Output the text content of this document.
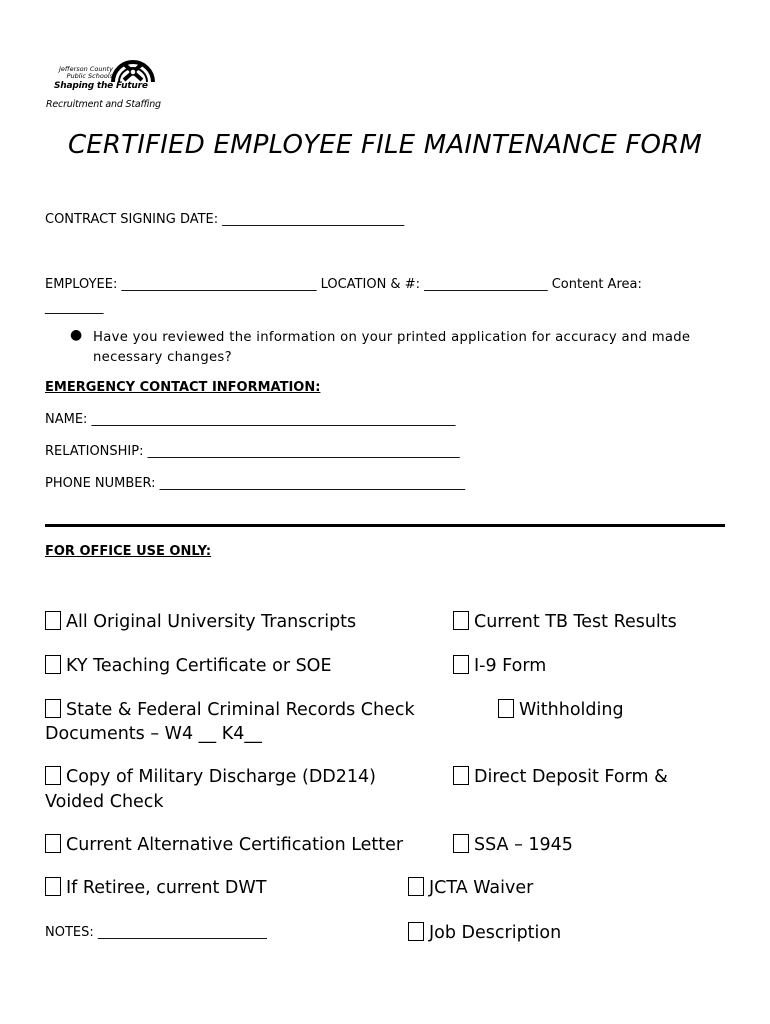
Jefferson County
Public Schools
Shaping the Future
Recruitment and Staffing
CERTIFIED EMPLOYEE FILE MAINTENANCE FORM
CONTRACT SIGNING DATE: ____________________________
EMPLOYEE: ______________________________ LOCATION & #: ___________________ Content Area:
_________
● Have you reviewed the information on your printed application for accuracy and made necessary changes?
EMERGENCY CONTACT INFORMATION:
NAME: ________________________________________________________
RELATIONSHIP: ________________________________________________
PHONE NUMBER: _______________________________________________
FOR OFFICE USE ONLY:
All Original University Transcripts	Current TB Test Results
KY Teaching Certificate or SOE	I-9 Form
State & Federal Criminal Records Check	Withholding
Documents – W4 __ K4__
Copy of Military Discharge (DD214)	Direct Deposit Form &
Voided Check
Current Alternative Certification Letter	SSA – 1945
If Retiree, current DWT	JCTA Waiver
NOTES: __________________________	Job Description
